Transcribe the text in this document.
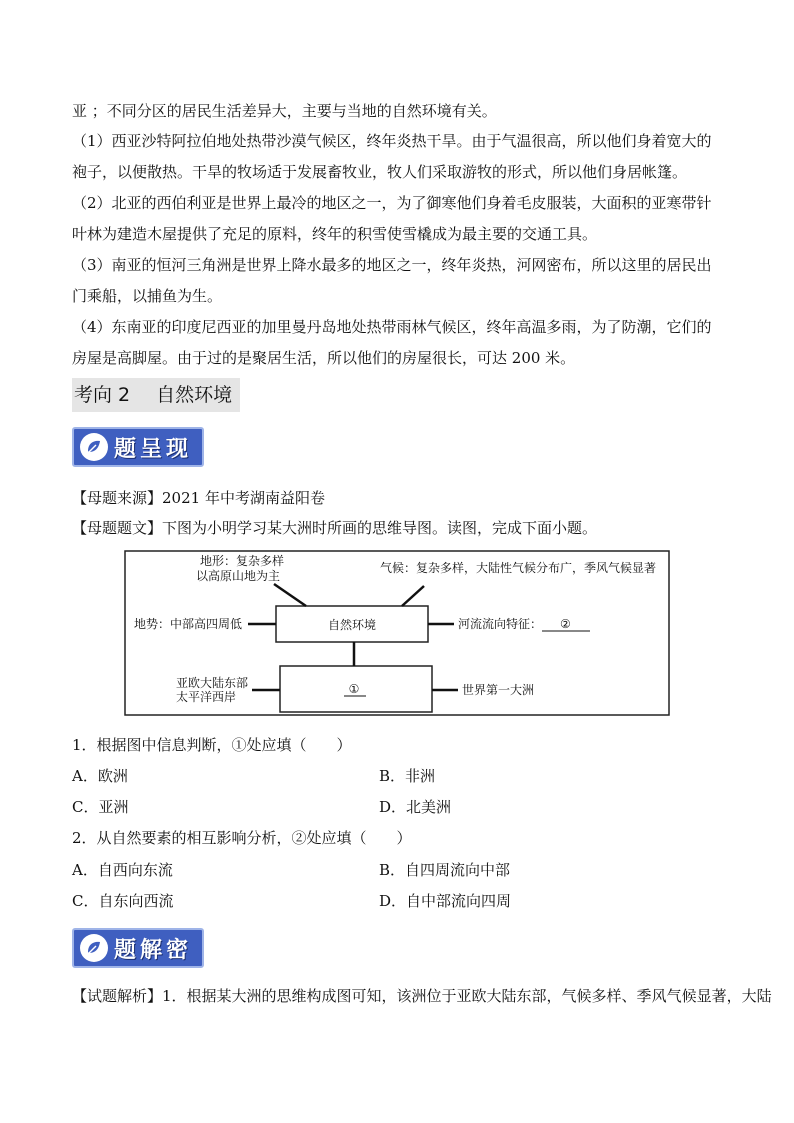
亚 ；不同分区的居民生活差异大，主要与当地的自然环境有关。

（1）西亚沙特阿拉伯地处热带沙漠气候区，终年炎热干旱。由于气温很高，所以他们身着宽大的袍子，以便散热。干旱的牧场适于发展畜牧业，牧人们采取游牧的形式，所以他们身居帐篷。

（2）北亚的西伯利亚是世界上最冷的地区之一，为了御寒他们身着毛皮服装，大面积的亚寒带针叶林为建造木屋提供了充足的原料，终年的积雪使雪橇成为最主要的交通工具。

（3）南亚的恒河三角洲是世界上降水最多的地区之一，终年炎热，河网密布，所以这里的居民出门乘船，以捕鱼为生。

（4）东南亚的印度尼西亚的加里曼丹岛地处热带雨林气候区，终年高温多雨，为了防潮，它们的房屋是高脚屋。由于过的是聚居生活，所以他们的房屋很长，可达 200 米。

考向 2 自然环境
题呈现
【母题来源】2021 年中考湖南益阳卷
【母题题文】下图为小明学习某大洲时所画的思维导图。读图，完成下面小题。
自然环境
①
地形：复杂多样
以高原山地为主
气候：复杂多样，大陆性气候分布广，季风气候显著
地势：中部高四周低	河流流向特征： ②
亚欧大陆东部
太平洋西岸	世界第一大洲
1．根据图中信息判断，①处应填（　　）
A．欧洲	B．非洲
C．亚洲	D．北美洲
2．从自然要素的相互影响分析，②处应填（　　）
A．自西向东流	B．自四周流向中部
C．自东向西流	D．自中部流向四周
题解密
【试题解析】1．根据某大洲的思维构成图可知，该洲位于亚欧大陆东部，气候多样、季风气候显著，大陆
